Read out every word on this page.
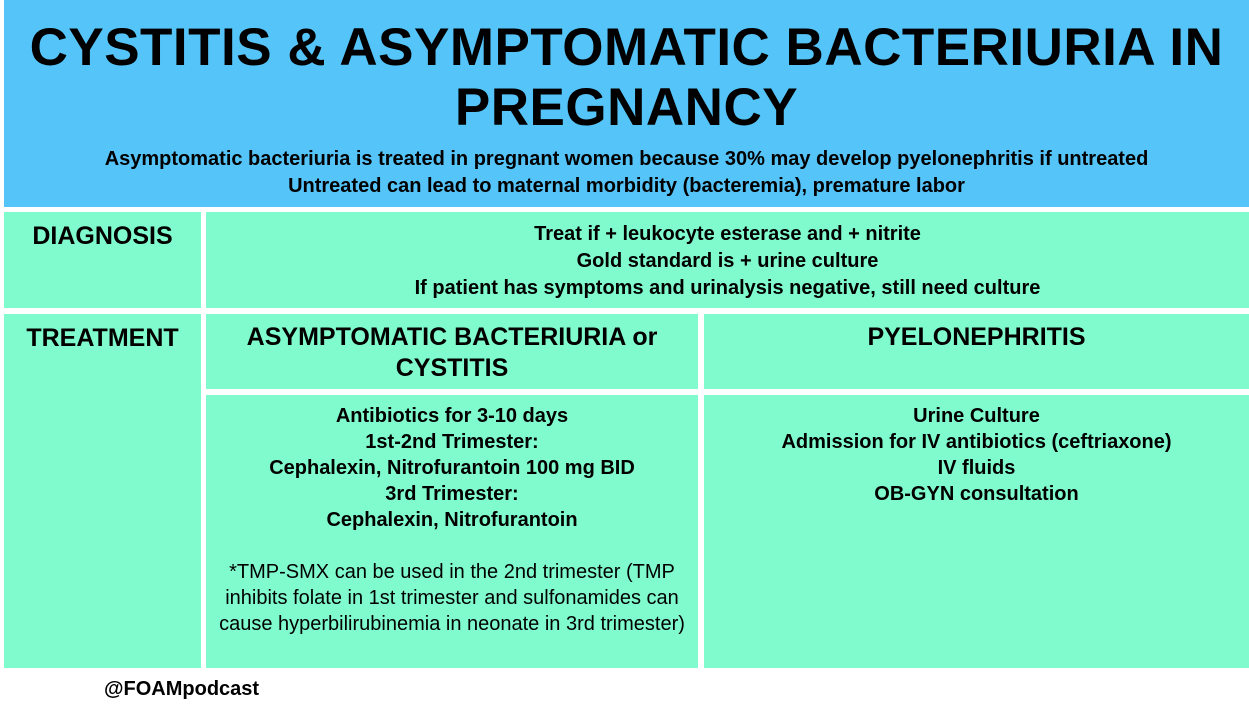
CYSTITIS & ASYMPTOMATIC BACTERIURIA IN PREGNANCY
Asymptomatic bacteriuria is treated in pregnant women because 30% may develop pyelonephritis if untreated
Untreated can lead to maternal morbidity (bacteremia), premature labor
DIAGNOSIS	Treat if + leukocyte esterase and + nitrite
Gold standard is + urine culture
If patient has symptoms and urinalysis negative, still need culture
TREATMENT	ASYMPTOMATIC BACTERIURIA or CYSTITIS
PYELONEPHRITIS
Antibiotics for 3-10 days
1st-2nd Trimester:
Cephalexin, Nitrofurantoin 100 mg BID
3rd Trimester:
Cephalexin, Nitrofurantoin
*TMP-SMX can be used in the 2nd trimester (TMP inhibits folate in 1st trimester and sulfonamides can cause hyperbilirubinemia in neonate in 3rd trimester)
Urine Culture
Admission for IV antibiotics (ceftriaxone)
IV fluids
OB-GYN consultation
@FOAMpodcast
